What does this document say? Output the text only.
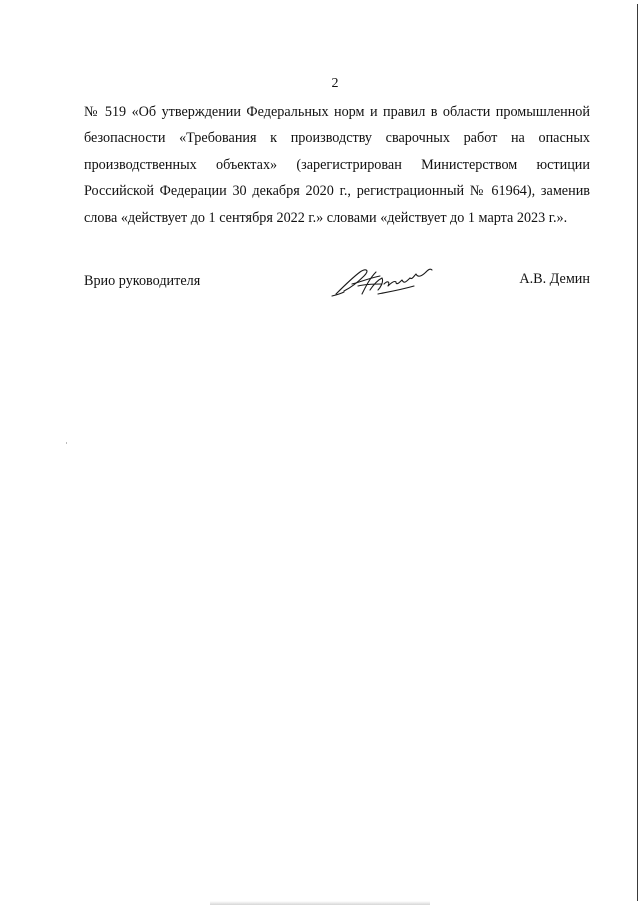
2

№ 519 «Об утверждении Федеральных норм и правил в области промышленной
безопасности «Требования к производству сварочных работ на опасных
производственных объектах» (зарегистрирован Министерством юстиции
Российской Федерации 30 декабря 2020 г., регистрационный № 61964), заменив
слова «действует до 1 сентября 2022 г.» словами «действует до 1 марта 2023 г.».

Врио руководителя	А.В. Демин
